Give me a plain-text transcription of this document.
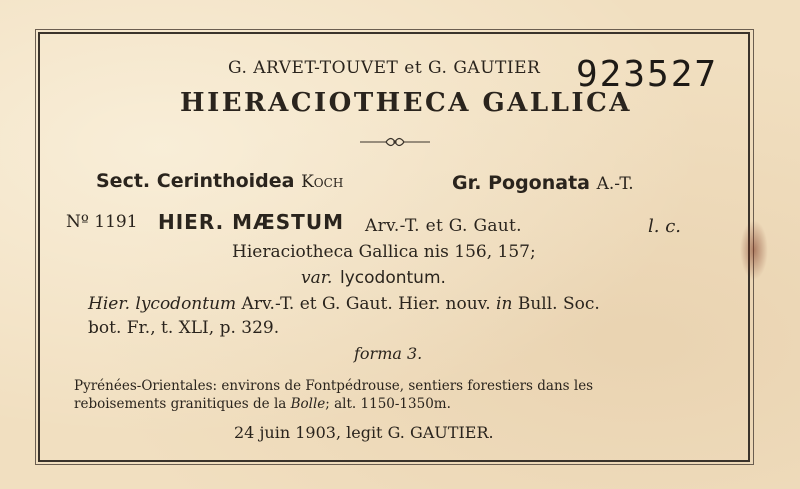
G. ARVET-TOUVET et G. GAUTIER 923527
HIERACIOTHECA GALLICA
Sect. Cerinthoidea Koch	Gr. Pogonata A.-T.
Nº 1191 HIER. MÆSTUM Arv.-T. et G. Gaut.	l. c.
Hieraciotheca Gallica nis 156, 157;
var. lycodontum.
Hier. lycodontum Arv.-T. et G. Gaut. Hier. nouv. in Bull. Soc.
bot. Fr., t. XLI, p. 329.
forma 3.
Pyrénées-Orientales: environs de Fontpédrouse, sentiers forestiers dans les
reboisements granitiques de la Bolle; alt. 1150-1350m.
24 juin 1903, legit G. GAUTIER.
